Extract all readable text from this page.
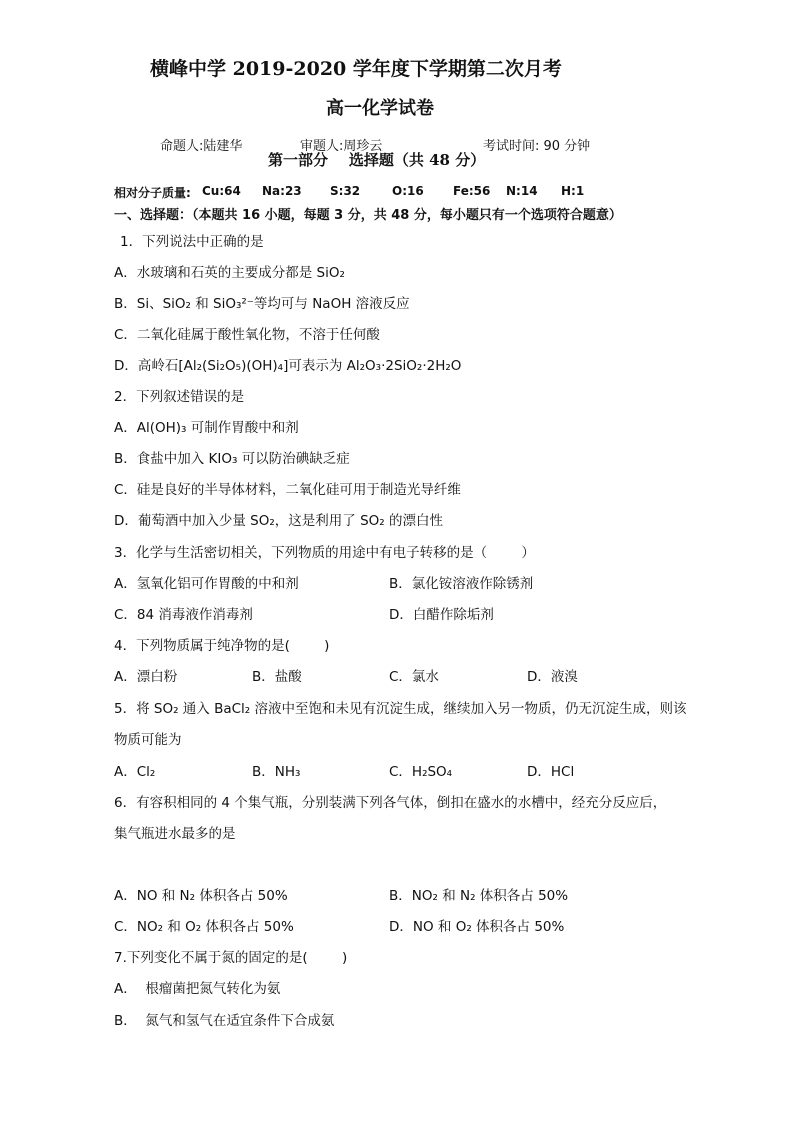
横峰中学 2019-2020 学年度下学期第二次月考
高一化学试卷
命题人:陆建华	审题人:周珍云	考试时间: 90 分钟
第一部分    选择题（共 48 分）
相对分子质量: Cu:64 Na:23 S:32	O:16 Fe:56 N:14 H:1
一、选择题：（本题共 16 小题，每题 3 分，共 48 分，每小题只有一个选项符合题意）
1．下列说法中正确的是
A．水玻璃和石英的主要成分都是 SiO₂
B．Si、SiO₂ 和 SiO₃²⁻等均可与 NaOH 溶液反应
C．二氧化硅属于酸性氧化物，不溶于任何酸
D．高岭石[Al₂(Si₂O₅)(OH)₄]可表示为 Al₂O₃·2SiO₂·2H₂O
2．下列叙述错误的是
A．Al(OH)₃ 可制作胃酸中和剂
B．食盐中加入 KIO₃ 可以防治碘缺乏症
C．硅是良好的半导体材料，二氧化硅可用于制造光导纤维
D．葡萄酒中加入少量 SO₂，这是利用了 SO₂ 的漂白性
3．化学与生活密切相关，下列物质的用途中有电子转移的是（        ）
A．氢氧化铝可作胃酸的中和剂	B．氯化铵溶液作除锈剂
C．84 消毒液作消毒剂	D．白醋作除垢剂
4．下列物质属于纯净物的是(        )
A．漂白粉	B．盐酸	C．氯水	D．液溴
5．将 SO₂ 通入 BaCl₂ 溶液中至饱和未见有沉淀生成，继续加入另一物质，仍无沉淀生成，则该
物质可能为
A．Cl₂	B．NH₃	C．H₂SO₄	D．HCl
6．有容积相同的 4 个集气瓶，分别装满下列各气体，倒扣在盛水的水槽中，经充分反应后，
集气瓶进水最多的是
A．NO 和 N₂ 体积各占 50%	B．NO₂ 和 N₂ 体积各占 50%
C．NO₂ 和 O₂ 体积各占 50%	D．NO 和 O₂ 体积各占 50%
7.下列变化不属于氮的固定的是(        )
A．  根瘤菌把氮气转化为氨
B．  氮气和氢气在适宜条件下合成氨
